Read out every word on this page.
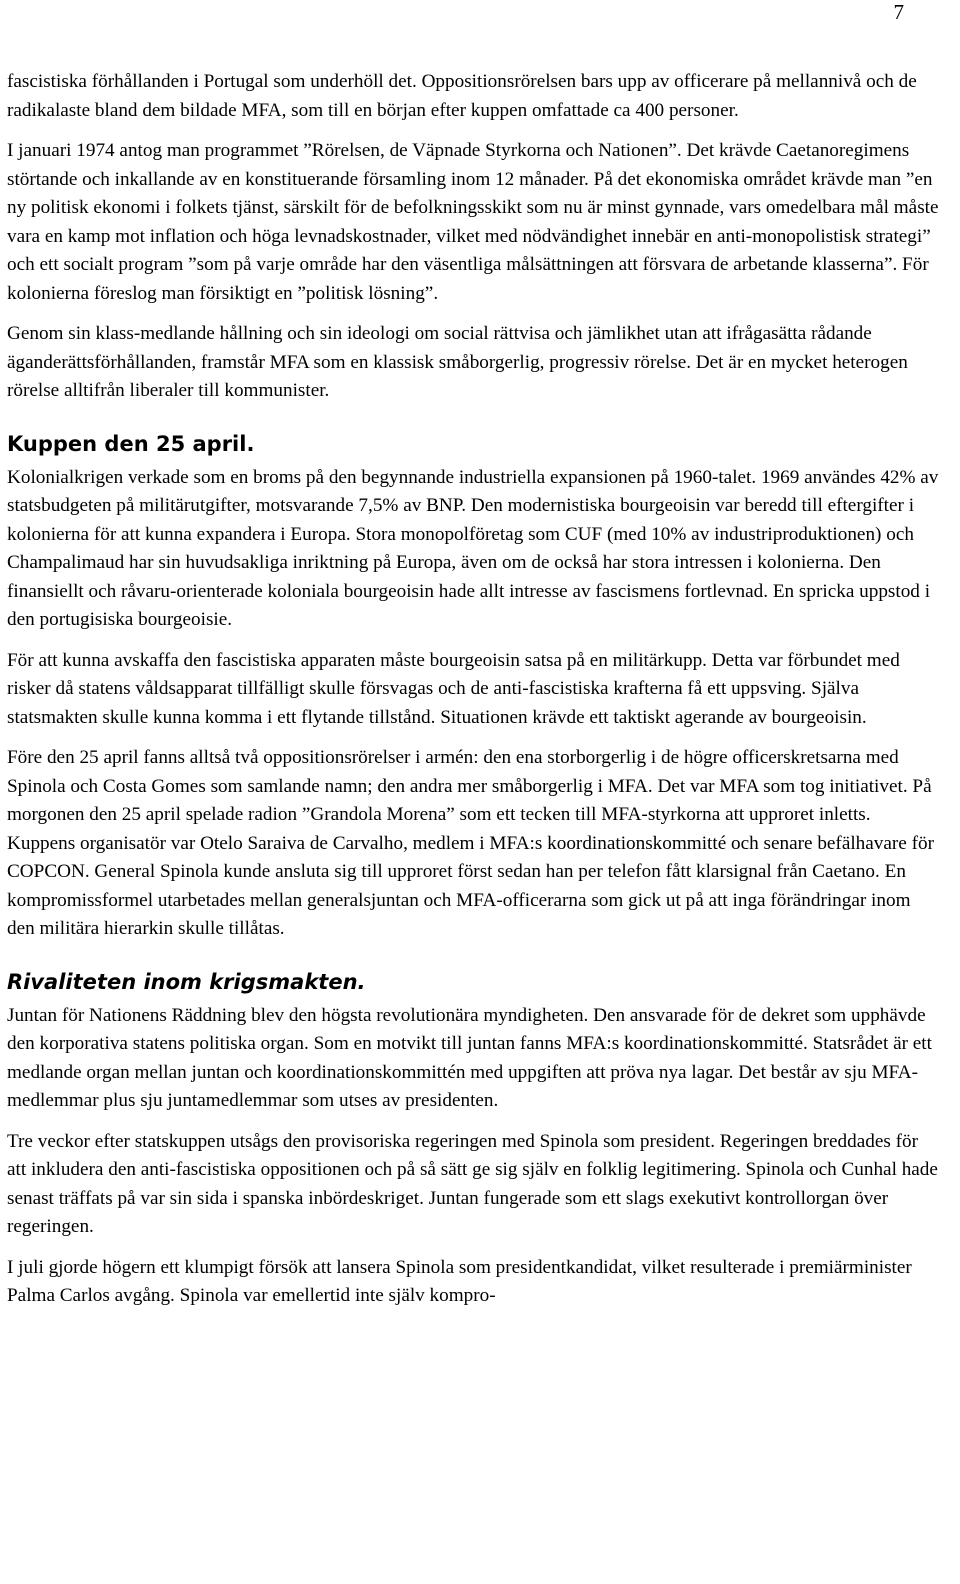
7

fascistiska förhållanden i Portugal som underhöll det. Oppositionsrörelsen bars upp av officerare på mellannivå och de radikalaste bland dem bildade MFA, som till en början efter kuppen omfattade ca 400 personer.

I januari 1974 antog man programmet ”Rörelsen, de Väpnade Styrkorna och Nationen”. Det krävde Caetanoregimens störtande och inkallande av en konstituerande församling inom 12 månader. På det ekonomiska området krävde man ”en ny politisk ekonomi i folkets tjänst, särskilt för de befolkningsskikt som nu är minst gynnade, vars omedelbara mål måste vara en kamp mot inflation och höga levnadskostnader, vilket med nödvändighet innebär en anti-monopolistisk strategi” och ett socialt program ”som på varje område har den väsentliga målsättningen att försvara de arbetande klasserna”. För kolonierna föreslog man försiktigt en ”politisk lösning”.

Genom sin klass-medlande hållning och sin ideologi om social rättvisa och jämlikhet utan att ifrågasätta rådande äganderättsförhållanden, framstår MFA som en klassisk småborgerlig, progressiv rörelse. Det är en mycket heterogen rörelse alltifrån liberaler till kommunister.

Kuppen den 25 april.

Kolonialkrigen verkade som en broms på den begynnande industriella expansionen på 1960-talet. 1969 användes 42% av statsbudgeten på militärutgifter, motsvarande 7,5% av BNP. Den modernistiska bourgeoisin var beredd till eftergifter i kolonierna för att kunna expandera i Europa. Stora monopolföretag som CUF (med 10% av industriproduktionen) och Champalimaud har sin huvudsakliga inriktning på Europa, även om de också har stora intressen i kolonierna. Den finansiellt och råvaru-orienterade koloniala bourgeoisin hade allt intresse av fascismens fortlevnad. En spricka uppstod i den portugisiska bourgeoisie.

För att kunna avskaffa den fascistiska apparaten måste bourgeoisin satsa på en militärkupp. Detta var förbundet med risker då statens våldsapparat tillfälligt skulle försvagas och de anti-fascistiska krafterna få ett uppsving. Själva statsmakten skulle kunna komma i ett flytande tillstånd. Situationen krävde ett taktiskt agerande av bourgeoisin.

Före den 25 april fanns alltså två oppositionsrörelser i armén: den ena storborgerlig i de högre officerskretsarna med Spinola och Costa Gomes som samlande namn; den andra mer småborgerlig i MFA. Det var MFA som tog initiativet. På morgonen den 25 april spelade radion ”Grandola Morena” som ett tecken till MFA-styrkorna att upproret inletts. Kuppens organisatör var Otelo Saraiva de Carvalho, medlem i MFA:s koordinationskommitté och senare befälhavare för COPCON. General Spinola kunde ansluta sig till upproret först sedan han per telefon fått klarsignal från Caetano. En kompromissformel utarbetades mellan generalsjuntan och MFA-officerarna som gick ut på att inga förändringar inom den militära hierarkin skulle tillåtas.

Rivaliteten inom krigsmakten.

Juntan för Nationens Räddning blev den högsta revolutionära myndigheten. Den ansvarade för de dekret som upphävde den korporativa statens politiska organ. Som en motvikt till juntan fanns MFA:s koordinationskommitté. Statsrådet är ett medlande organ mellan juntan och koordinationskommittén med uppgiften att pröva nya lagar. Det består av sju MFA-medlemmar plus sju juntamedlemmar som utses av presidenten.

Tre veckor efter statskuppen utsågs den provisoriska regeringen med Spinola som president. Regeringen breddades för att inkludera den anti-fascistiska oppositionen och på så sätt ge sig själv en folklig legitimering. Spinola och Cunhal hade senast träffats på var sin sida i spanska inbördeskriget. Juntan fungerade som ett slags exekutivt kontrollorgan över regeringen.

I juli gjorde högern ett klumpigt försök att lansera Spinola som presidentkandidat, vilket resulterade i premiärminister Palma Carlos avgång. Spinola var emellertid inte själv kompro-
